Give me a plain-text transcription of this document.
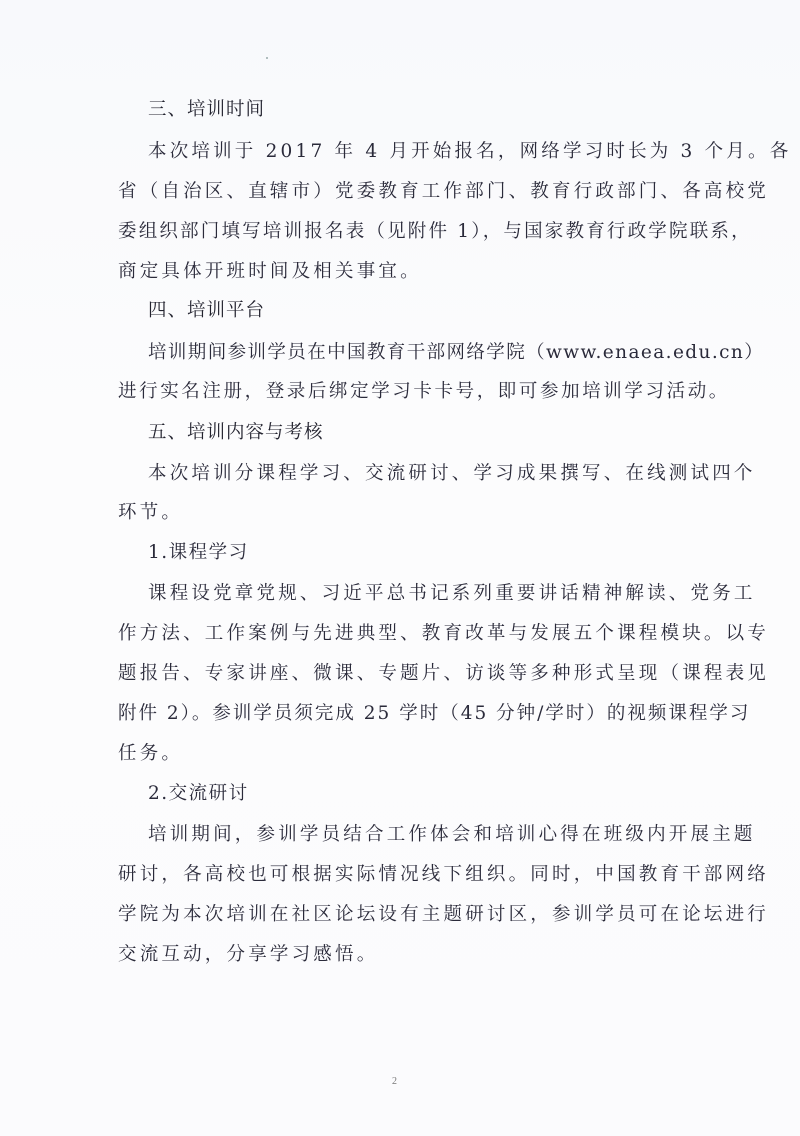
三、培训时间
本次培训于 2017 年 4 月开始报名，网络学习时长为 3 个月。各
省（自治区、直辖市）党委教育工作部门、教育行政部门、各高校党
委组织部门填写培训报名表（见附件 1），与国家教育行政学院联系，
商定具体开班时间及相关事宜。
四、培训平台
培训期间参训学员在中国教育干部网络学院（www.enaea.edu.cn）
进行实名注册，登录后绑定学习卡卡号，即可参加培训学习活动。
五、培训内容与考核
本次培训分课程学习、交流研讨、学习成果撰写、在线测试四个
环节。
1.课程学习
课程设党章党规、习近平总书记系列重要讲话精神解读、党务工
作方法、工作案例与先进典型、教育改革与发展五个课程模块。以专
题报告、专家讲座、微课、专题片、访谈等多种形式呈现（课程表见
附件 2）。参训学员须完成 25 学时（45 分钟/学时）的视频课程学习
任务。
2.交流研讨
培训期间，参训学员结合工作体会和培训心得在班级内开展主题
研讨，各高校也可根据实际情况线下组织。同时，中国教育干部网络
学院为本次培训在社区论坛设有主题研讨区，参训学员可在论坛进行
交流互动，分享学习感悟。
2
